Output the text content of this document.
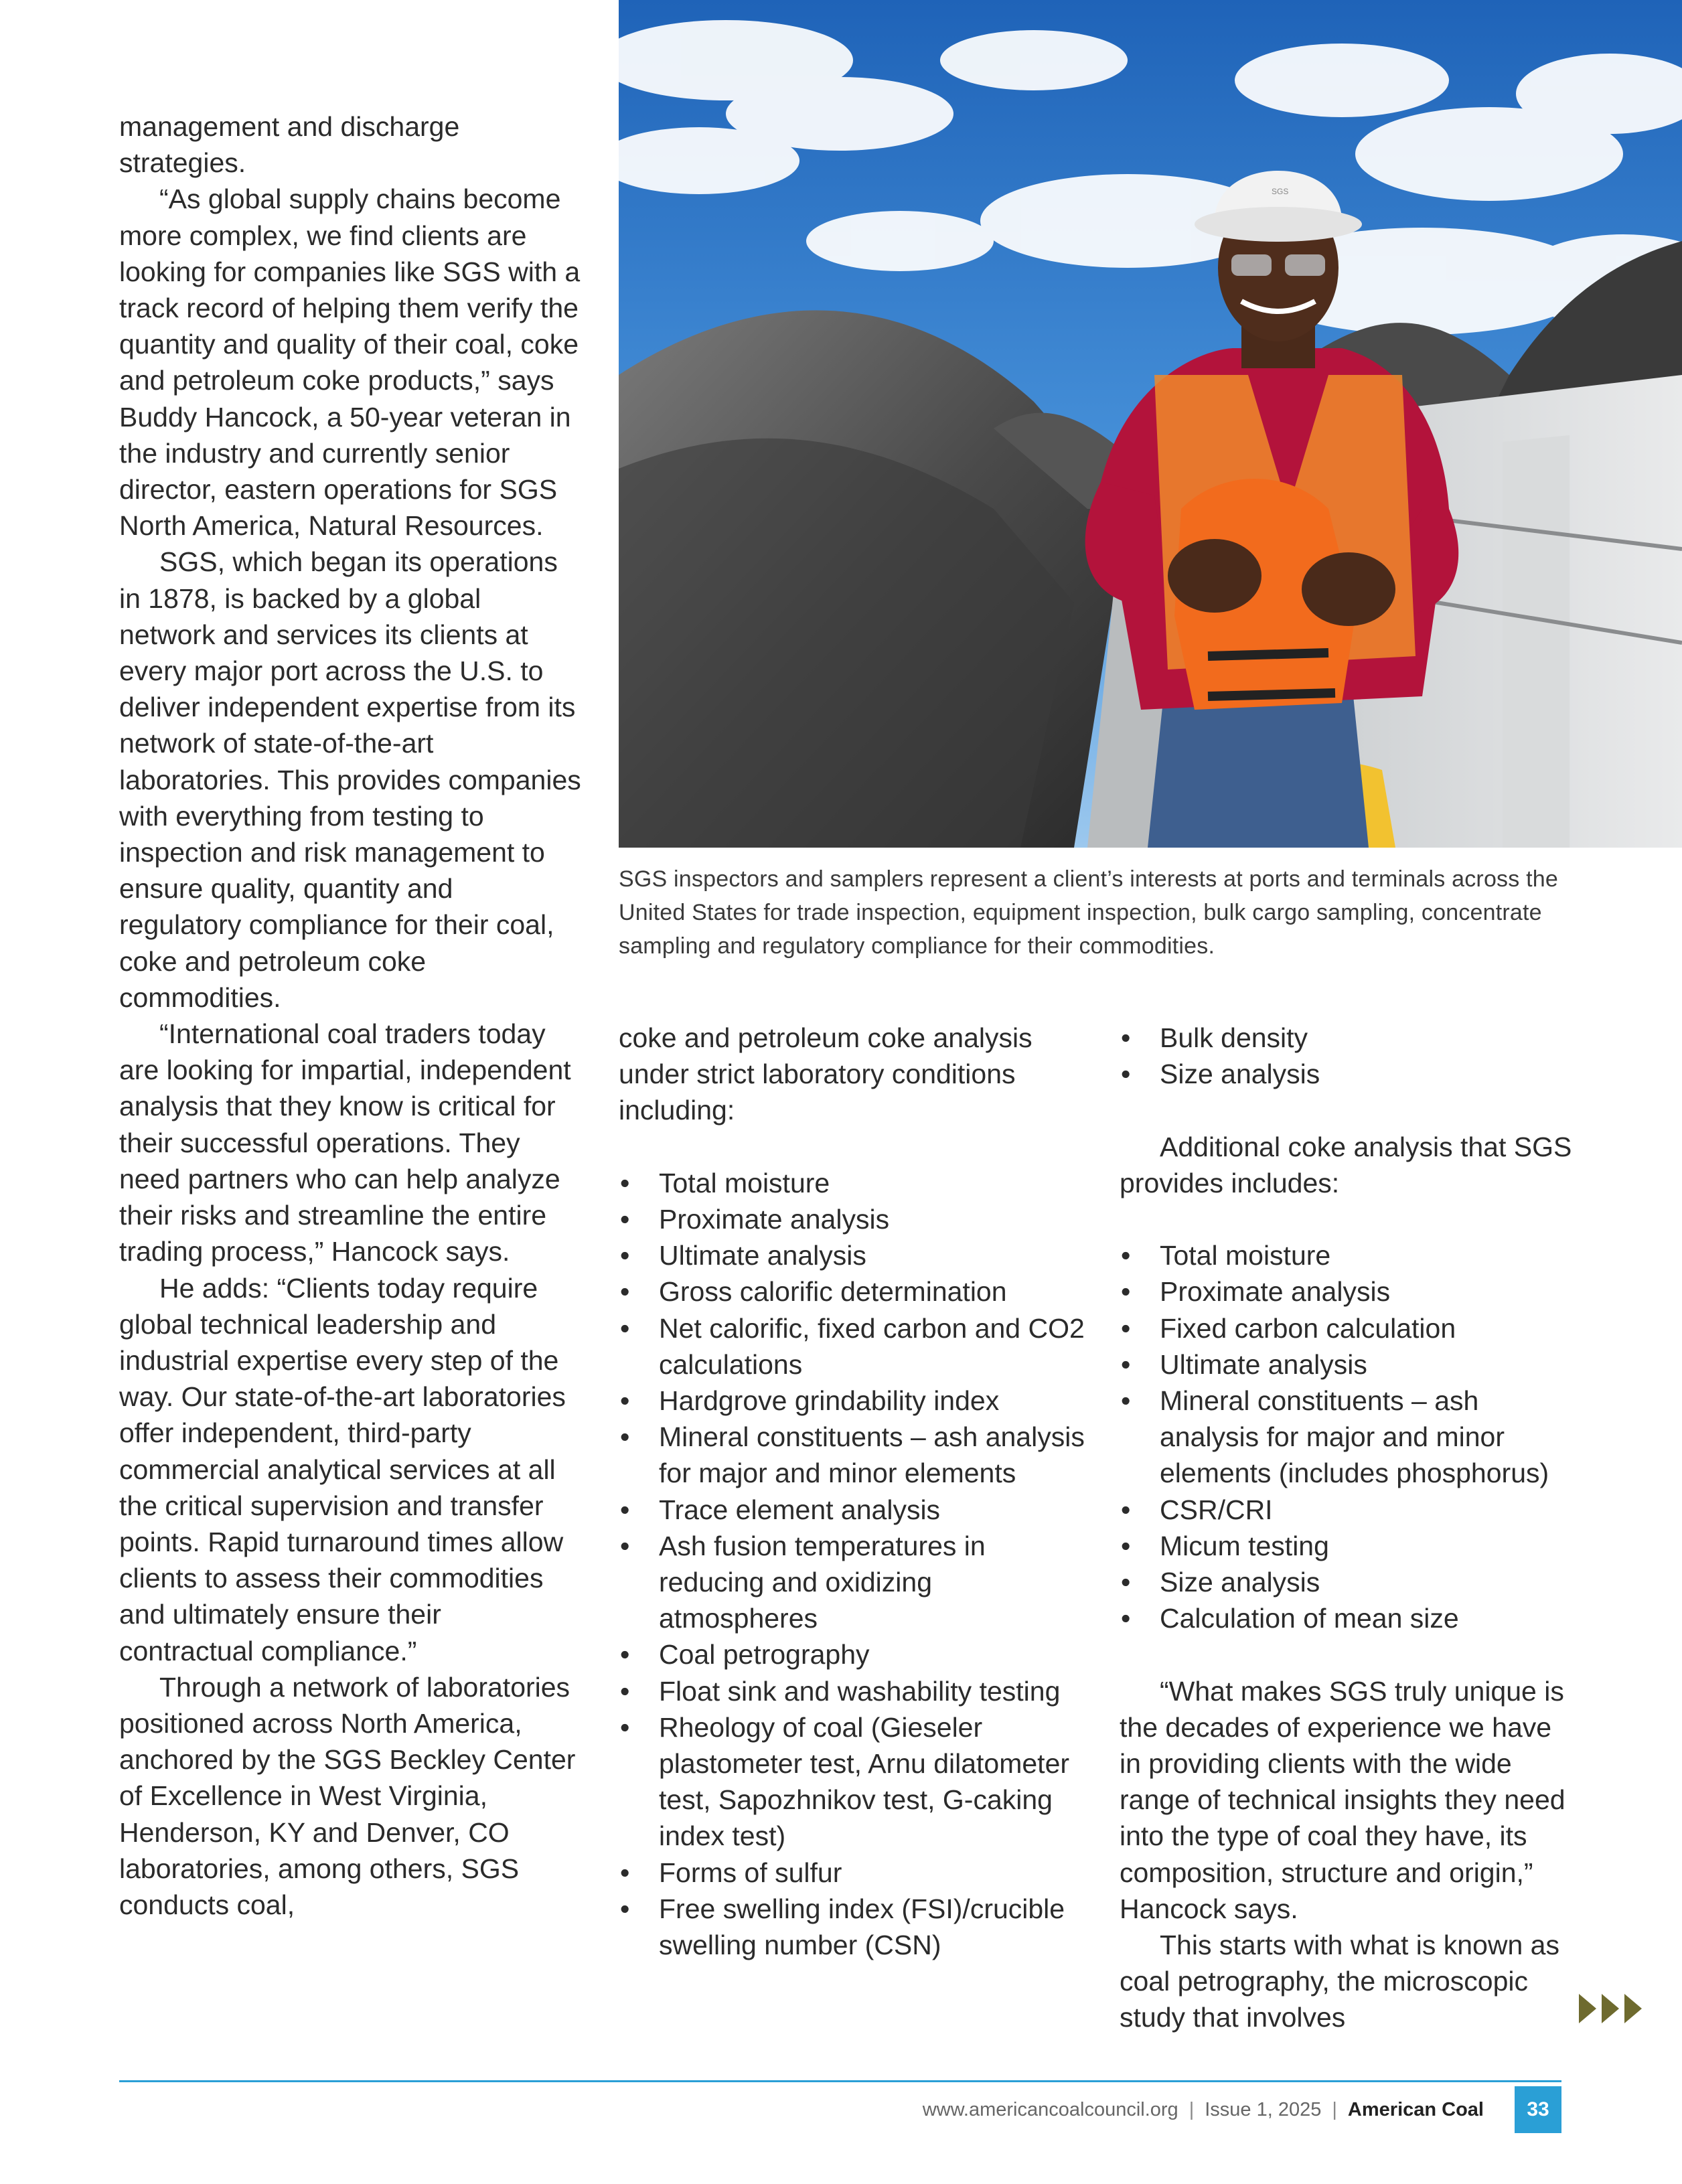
management and discharge strategies.

“As global supply chains become more complex, we find clients are looking for companies like SGS with a track record of helping them verify the quantity and quality of their coal, coke and petroleum coke products,” says Buddy Hancock, a 50-year veteran in the industry and currently senior director, eastern operations for SGS North America, Natural Resources.

SGS, which began its operations in 1878, is backed by a global network and services its clients at every major port across the U.S. to deliver independent expertise from its network of state-of-the-art laboratories. This provides companies with everything from testing to inspection and risk management to ensure quality, quantity and regulatory compliance for their coal, coke and petroleum coke commodities.

“International coal traders today are looking for impartial, independent analysis that they know is critical for their successful operations. They need partners who can help analyze their risks and streamline the entire trading process,” Hancock says.

He adds: “Clients today require global technical leadership and industrial expertise every step of the way. Our state-of-the-art laboratories offer independent, third-party commercial analytical services at all the critical supervision and transfer points. Rapid turnaround times allow clients to assess their commodities and ultimately ensure their contractual compliance.”

Through a network of laboratories positioned across North America, anchored by the SGS Beckley Center of Excellence in West Virginia, Henderson, KY and Denver, CO laboratories, among others, SGS conducts coal,

SGS
SGS inspectors and samplers represent a client’s interests at ports and terminals across the United States for trade inspection, equipment inspection, bulk cargo sampling, concentrate sampling and regulatory compliance for their commodities.

coke and petroleum coke analysis under strict laboratory conditions including:

• Total moisture
• Proximate analysis
• Ultimate analysis
• Gross calorific determination
• Net calorific, fixed carbon and CO2 calculations
• Hardgrove grindability index
• Mineral constituents – ash analysis for major and minor elements
• Trace element analysis
• Ash fusion temperatures in reducing and oxidizing atmospheres
• Coal petrography
• Float sink and washability testing
• Rheology of coal (Gieseler plastometer test, Arnu dilatometer test, Sapozhnikov test, G-caking index test)
• Forms of sulfur
• Free swelling index (FSI)/crucible swelling number (CSN)
• Bulk density
• Size analysis

Additional coke analysis that SGS provides includes:

• Total moisture
• Proximate analysis
• Fixed carbon calculation
• Ultimate analysis
• Mineral constituents – ash analysis for major and minor elements (includes phosphorus)
• CSR/CRI
• Micum testing
• Size analysis
• Calculation of mean size

“What makes SGS truly unique is the decades of experience we have in providing clients with the wide range of technical insights they need into the type of coal they have, its composition, structure and origin,” Hancock says.

This starts with what is known as coal petrography, the microscopic study that involves

www.americancoalcouncil.org | Issue 1, 2025 | American Coal	33
